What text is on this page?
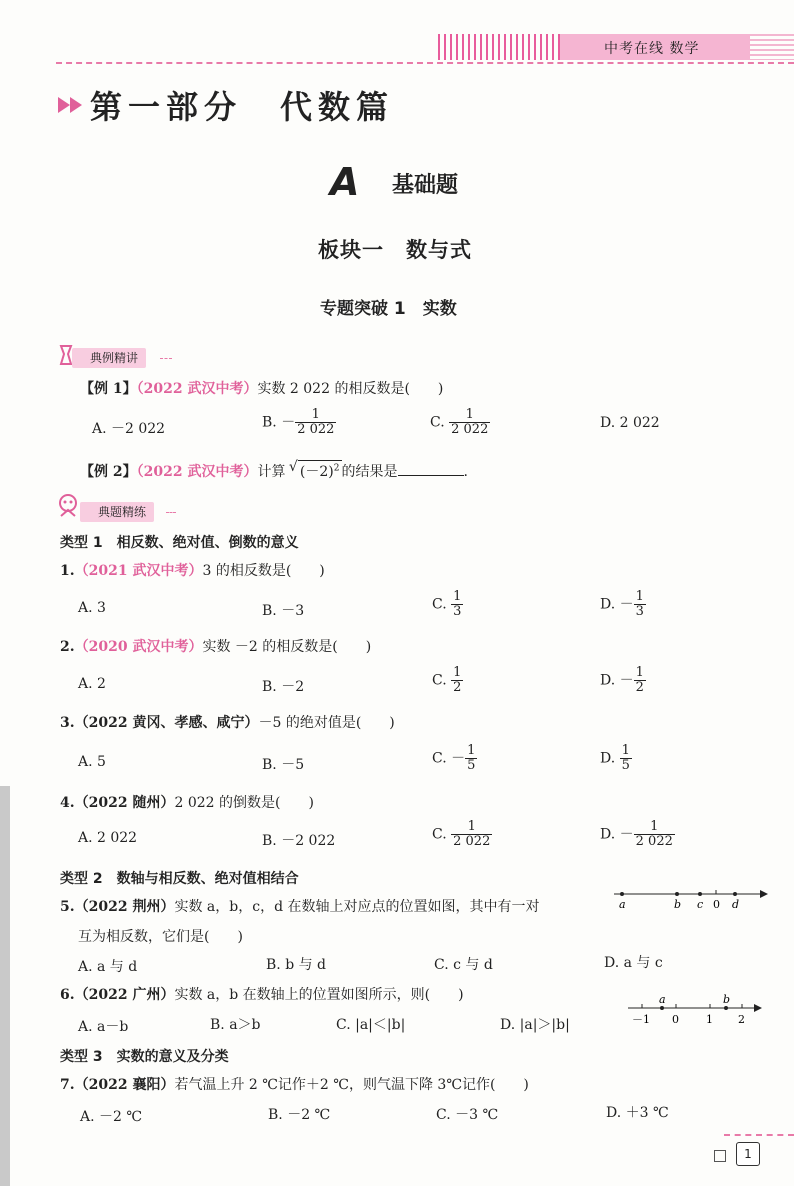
中考在线 数学
第一部分　代数篇
A 基础题
板块一　数与式
专题突破 1　实数
典例精讲
【例 1】（2022 武汉中考）实数 2 022 的相反数是(　　)
A. －2 022	B. － $\frac{1}{2 022}$	C. $\frac{1}{2 022}$	D. 2 022
【例 2】（2022 武汉中考）计算 √ $(-2)^2$ 的结果是	.
典题精练
类型 1　相反数、绝对值、倒数的意义
1.（2021 武汉中考）3 的相反数是(　　)
A. 3	B. －3	C. $\frac{1}{3}$	D. － $\frac{1}{3}$
2.（2020 武汉中考）实数 －2 的相反数是(　　)
A. 2	B. －2	C. $\frac{1}{2}$	D. － $\frac{1}{2}$
3.（2022 黄冈、孝感、咸宁）－5 的绝对值是(　　)
A. 5	B. －5	C. － $\frac{1}{5}$	D. $\frac{1}{5}$
4.（2022 随州）2 022 的倒数是(　　)
A. 2 022	B. －2 022	C. $\frac{1}{2 022}$	D. － $\frac{1}{2 022}$
类型 2　数轴与相反数、绝对值相结合
5.（2022 荆州）实数 a，b，c，d 在数轴上对应点的位置如图，其中有一对
互为相反数，它们是(　　)
a	b c 0 d
A. a 与 d	B. b 与 d	C. c 与 d	D. a 与 c
6.（2022 广州）实数 a，b 在数轴上的位置如图所示，则(　　)	a	b
－1 0 1 2
A. a－b	B. a＞b	C. |a|＜|b|	D. |a|＞|b|
类型 3　实数的意义及分类
7.（2022 襄阳）若气温上升 2 ℃记作＋2 ℃，则气温下降 3℃记作(　　)
A. －2 ℃	B. －2 ℃	C. －3 ℃	D. ＋3 ℃
1
